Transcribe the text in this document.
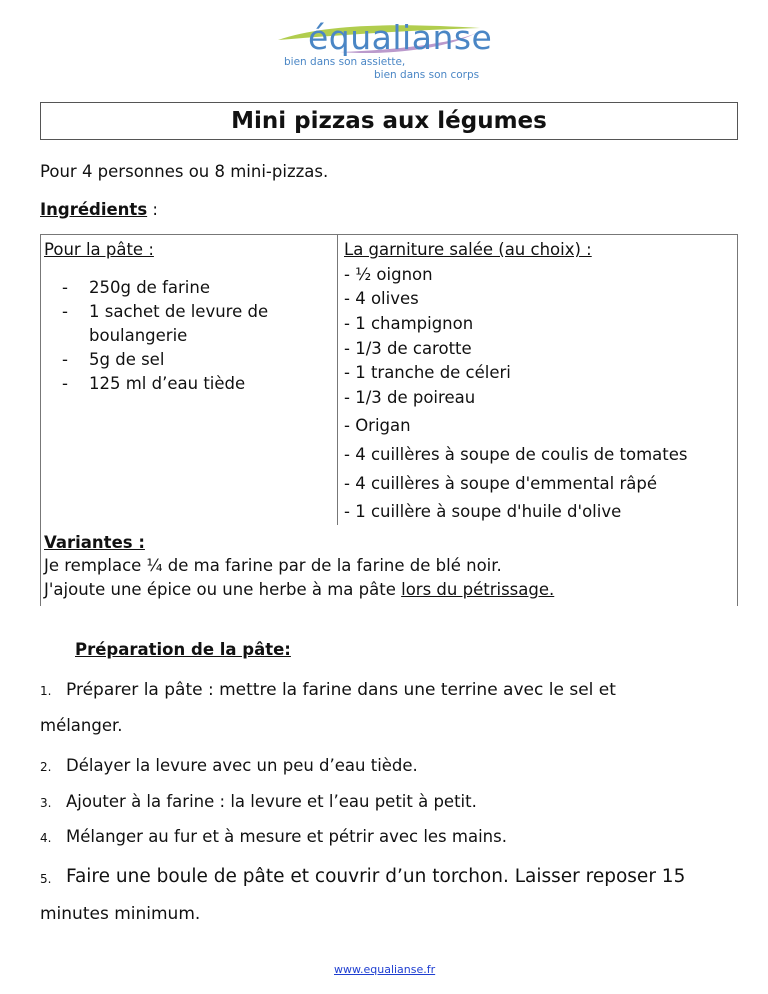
équalianse
bien dans son assiette,
bien dans son corps
Mini pizzas aux légumes
Pour 4 personnes ou 8 mini-pizzas.
Ingrédients :
Pour la pâte :
- 250g de farine
- 1 sachet de levure de boulangerie
- 5g de sel
- 125 ml d’eau tiède
La garniture salée (au choix) :
- ½ oignon
- 4 olives
- 1 champignon
- 1/3 de carotte
- 1 tranche de céleri
- 1/3 de poireau
- Origan
- 4 cuillères à soupe de coulis de tomates
- 4 cuillères à soupe d'emmental râpé
- 1 cuillère à soupe d'huile d'olive
Variantes :
Je remplace ¼ de ma farine par de la farine de blé noir.
J'ajoute une épice ou une herbe à ma pâte lors du pétrissage.
Préparation de la pâte:
1. Préparer la pâte : mettre la farine dans une terrine avec le sel et
mélanger.
2. Délayer la levure avec un peu d’eau tiède.
3. Ajouter à la farine : la levure et l’eau petit à petit.
4. Mélanger au fur et à mesure et pétrir avec les mains.
5. Faire une boule de pâte et couvrir d’un torchon. Laisser reposer 15
minutes minimum.
www.equalianse.fr
